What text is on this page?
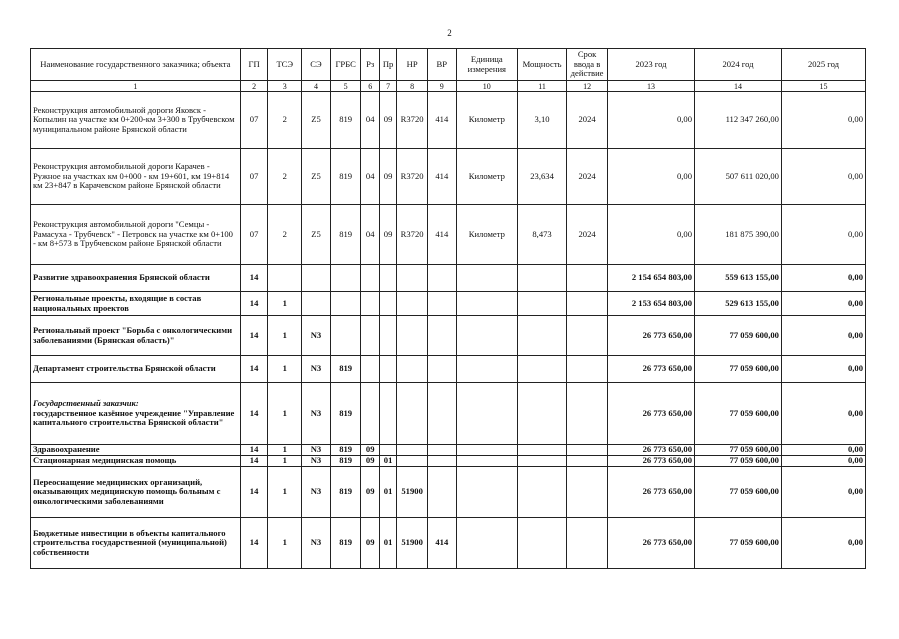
2
Наименование государственного заказчика; объекта	ГП	ТСЭ	СЭ	ГРБС	Рз	Пр	НР	ВР	Единица измерения	Мощность	Срок ввода в действие	2023 год	2024 год	2025 год
1	2	3	4	5	6	7	8	9	10	11	12	13	14	15
Реконструкция автомобильной дороги Яковск - Копылин на участке км 0+200-км 3+300 в Трубчевском муниципальном районе Брянской области	07	2	Z5	819	04	09	R3720	414	Километр	3,10	2024	0,00	112 347 260,00	0,00
Реконструкция автомобильной дороги Карачев - Ружное на участках км 0+000 - км 19+601, км 19+814 км 23+847 в Карачевском районе Брянской области	07	2	Z5	819	04	09	R3720	414	Километр	23,634	2024	0,00	507 611 020,00	0,00
Реконструкция автомобильной дороги "Семцы - Рамасуха - Трубчевск" - Петровск на участке км 0+100 - км 8+573 в Трубчевском районе Брянской области	07	2	Z5	819	04	09	R3720	414	Километр	8,473	2024	0,00	181 875 390,00	0,00
Развитие здравоохранения Брянской области	14											2 154 654 803,00	559 613 155,00	0,00
Региональные проекты, входящие в состав национальных проектов	14	1										2 153 654 803,00	529 613 155,00	0,00
Региональный проект "Борьба с онкологическими заболеваниями (Брянская область)"	14	1	N3									26 773 650,00	77 059 600,00	0,00
Департамент строительства Брянской области	14	1	N3	819								26 773 650,00	77 059 600,00	0,00
Государственный заказчик:
государственное казённое учреждение "Управление капитального строительства Брянской области"	14	1	N3	819								26 773 650,00	77 059 600,00	0,00
Здравоохранение	14	1	N3	819	09							26 773 650,00	77 059 600,00	0,00
Стационарная медицинская помощь	14	1	N3	819	09	01						26 773 650,00	77 059 600,00	0,00
Переоснащение медицинских организаций, оказывающих медицинскую помощь больным с онкологическими заболеваниями	14	1	N3	819	09	01	51900					26 773 650,00	77 059 600,00	0,00
Бюджетные инвестиции в объекты капитального строительства государственной (муниципальной) собственности	14	1	N3	819	09	01	51900	414				26 773 650,00	77 059 600,00	0,00
